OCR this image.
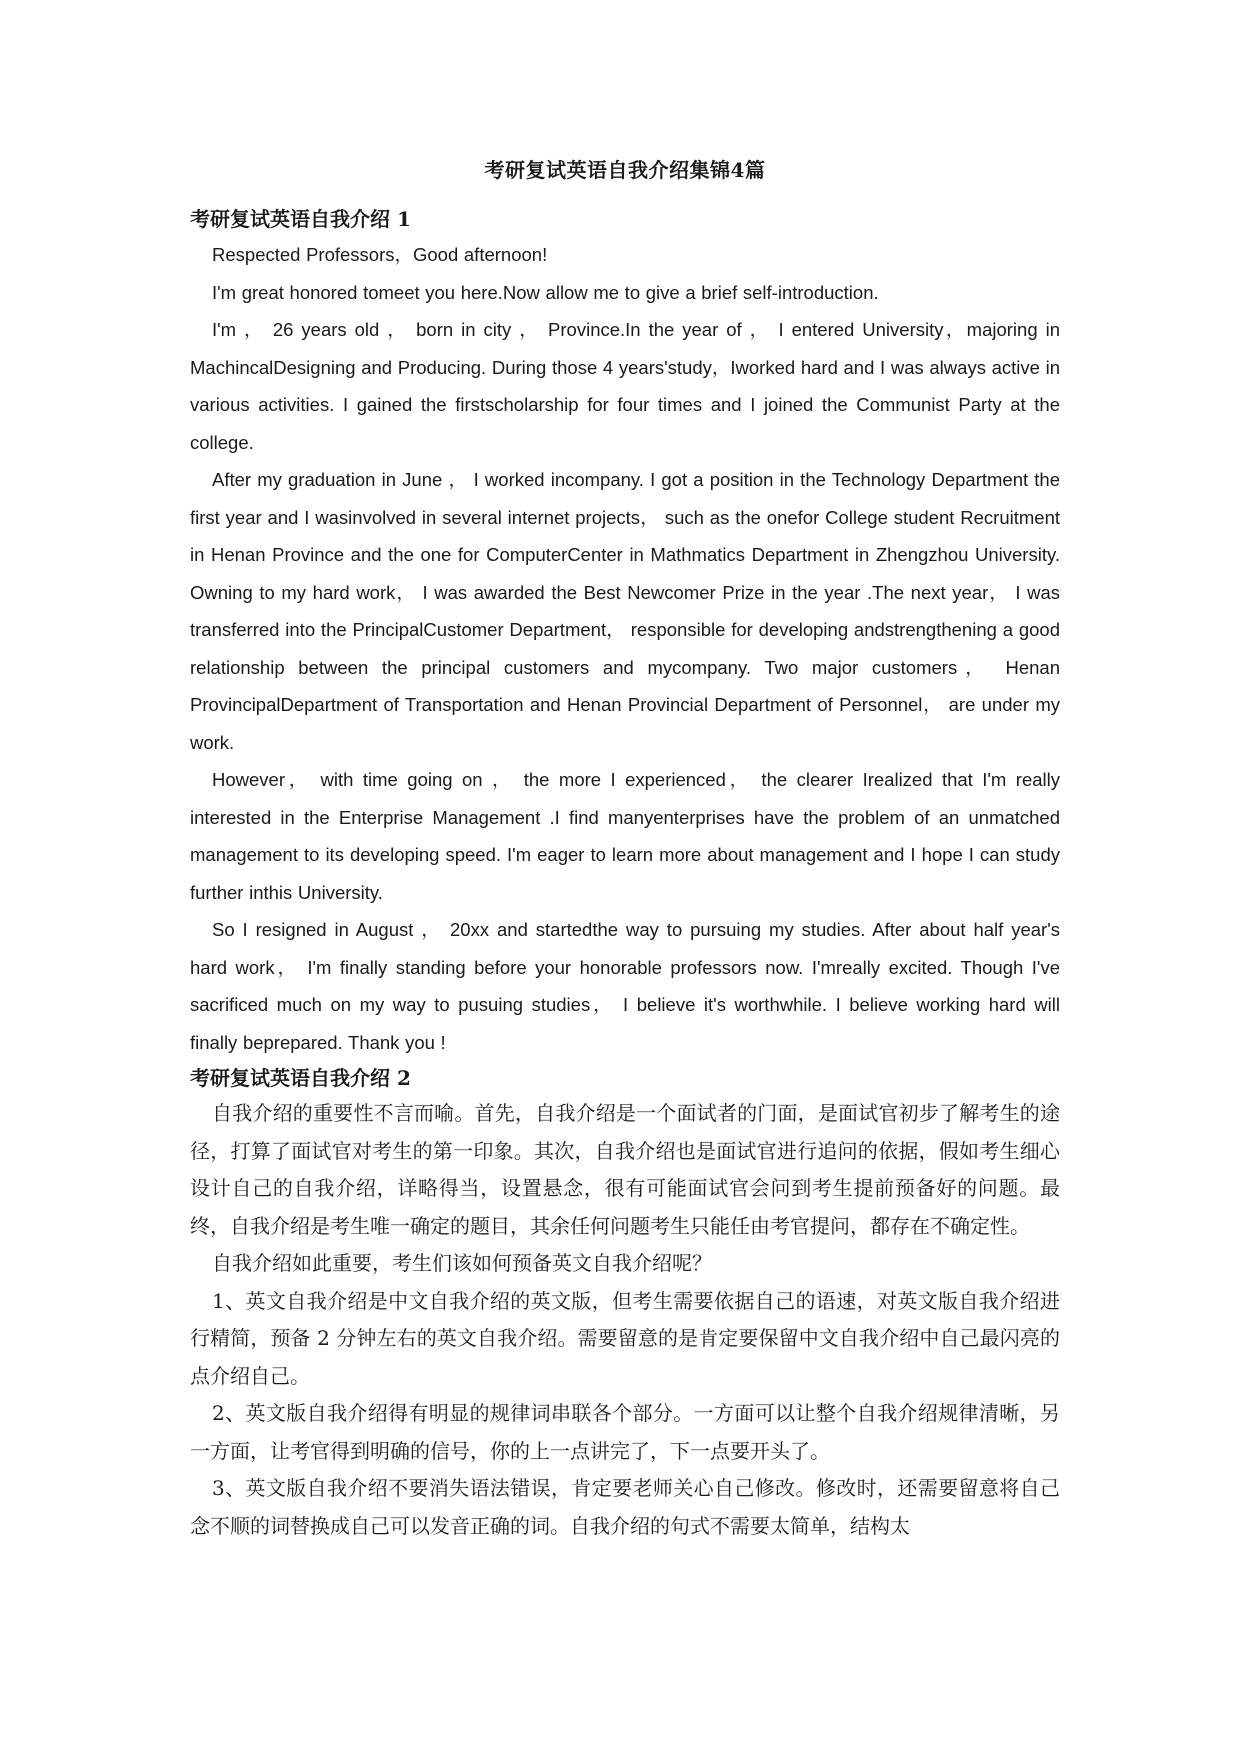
考研复试英语自我介绍集锦4篇
考研复试英语自我介绍 1

Respected Professors，Good afternoon!

I'm great honored tomeet you here.Now allow me to give a brief self-introduction.

I'm ， 26 years old ， born in city ， Province.In the year of ， I entered University，majoring in MachincalDesigning and Producing. During those 4 years'study，Iworked hard and I was always active in various activities. I gained the firstscholarship for four times and I joined the Communist Party at the college.

After my graduation in June ， I worked incompany. I got a position in the Technology Department the first year and I wasinvolved in several internet projects， such as the onefor College student Recruitment in Henan Province and the one for ComputerCenter in Mathmatics Department in Zhengzhou University. Owning to my hard work， I was awarded the Best Newcomer Prize in the year .The next year， I was transferred into the PrincipalCustomer Department， responsible for developing andstrengthening a good relationship between the principal customers and mycompany. Two major customers， Henan ProvincipalDepartment of Transportation and Henan Provincial Department of Personnel， are under my work.

However， with time going on ， the more I experienced， the clearer Irealized that I'm really interested in the Enterprise Management .I find manyenterprises have the problem of an unmatched management to its developing speed. I'm eager to learn more about management and I hope I can study further inthis University.

So I resigned in August ， 20xx and startedthe way to pursuing my studies. After about half year's hard work， I'm finally standing before your honorable professors now. I'mreally excited. Though I've sacrificed much on my way to pusuing studies， I believe it's worthwhile. I believe working hard will finally beprepared. Thank you !

考研复试英语自我介绍 2

自我介绍的重要性不言而喻。首先，自我介绍是一个面试者的门面，是面试官初步了解考生的途径，打算了面试官对考生的第一印象。其次，自我介绍也是面试官进行追问的依据，假如考生细心设计自己的自我介绍，详略得当，设置悬念，很有可能面试官会问到考生提前预备好的问题。最终，自我介绍是考生唯一确定的题目，其余任何问题考生只能任由考官提问，都存在不确定性。

自我介绍如此重要，考生们该如何预备英文自我介绍呢？

1、英文自我介绍是中文自我介绍的英文版，但考生需要依据自己的语速，对英文版自我介绍进行精简，预备 2 分钟左右的英文自我介绍。需要留意的是肯定要保留中文自我介绍中自己最闪亮的点介绍自己。

2、英文版自我介绍得有明显的规律词串联各个部分。一方面可以让整个自我介绍规律清晰，另一方面，让考官得到明确的信号，你的上一点讲完了，下一点要开头了。

3、英文版自我介绍不要消失语法错误，肯定要老师关心自己修改。修改时，还需要留意将自己念不顺的词替换成自己可以发音正确的词。自我介绍的句式不需要太简单，结构太
